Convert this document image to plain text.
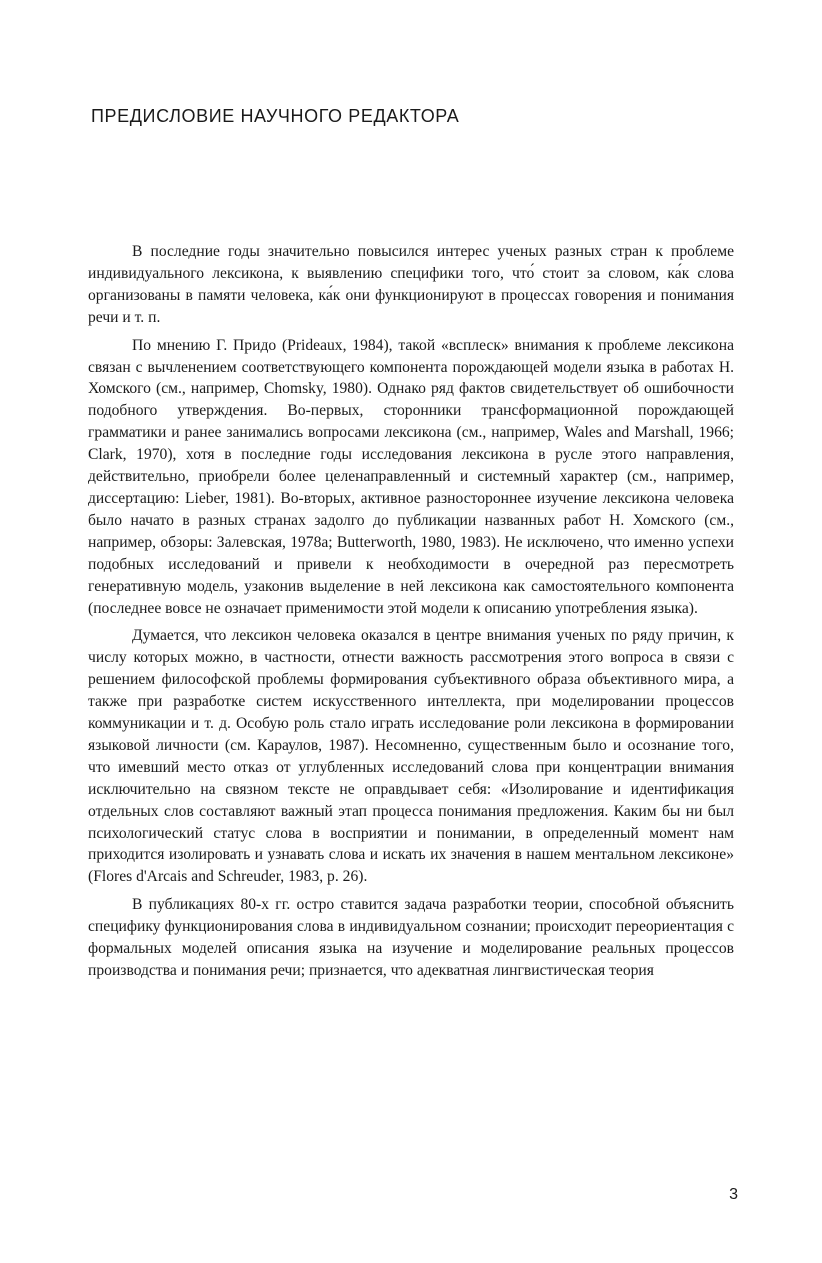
ПРЕДИСЛОВИЕ НАУЧНОГО РЕДАКТОРА

В последние годы значительно повысился интерес ученых разных стран к проблеме индивидуального лексикона, к выявлению специфики того, что́ стоит за словом, ка́к слова организованы в памяти человека, ка́к они функционируют в процессах говорения и понимания речи и т. п.

По мнению Г. Придо (Prideaux, 1984), такой «всплеск» внимания к проблеме лексикона связан с вычленением соответствующего компонента порождающей модели языка в работах Н. Хомского (см., например, Chomsky, 1980). Однако ряд фактов свидетельствует об ошибочности подобного утверждения. Во-первых, сторонники трансформационной порождающей грамматики и ранее занимались вопросами лексикона (см., например, Wales and Marshall, 1966; Clark, 1970), хотя в последние годы исследования лексикона в русле этого направления, действительно, приобрели более целенаправленный и системный характер (см., например, диссертацию: Lieber, 1981). Во-вторых, активное разностороннее изучение лексикона человека было начато в разных странах задолго до публикации названных работ Н. Хомского (см., например, обзоры: Залевская, 1978а; Butterworth, 1980, 1983). Не исключено, что именно успехи подобных исследований и привели к необходимости в очередной раз пересмотреть генеративную модель, узаконив выделение в ней лексикона как самостоятельного компонента (последнее вовсе не означает применимости этой модели к описанию употребления языка).

Думается, что лексикон человека оказался в центре внимания ученых по ряду причин, к числу которых можно, в частности, отнести важность рассмотрения этого вопроса в связи с решением философской проблемы формирования субъективного образа объективного мира, а также при разработке систем искусственного интеллекта, при моделировании процессов коммуникации и т. д. Особую роль стало играть исследование роли лексикона в формировании языковой личности (см. Караулов, 1987). Несомненно, существенным было и осознание того, что имевший место отказ от углубленных исследований слова при концентрации внимания исключительно на связном тексте не оправдывает себя: «Изолирование и идентификация отдельных слов составляют важный этап процесса понимания предложения. Каким бы ни был психологический статус слова в восприятии и понимании, в определенный момент нам приходится изолировать и узнавать слова и искать их значения в нашем ментальном лексиконе» (Flores d'Arcais and Schreuder, 1983, p. 26).

В публикациях 80-х гг. остро ставится задача разработки теории, способной объяснить специфику функционирования слова в индивидуальном сознании; происходит переориентация с формальных моделей описания языка на изучение и моделирование реальных процессов производства и понимания речи; признается, что адекватная лингвистическая теория

3
